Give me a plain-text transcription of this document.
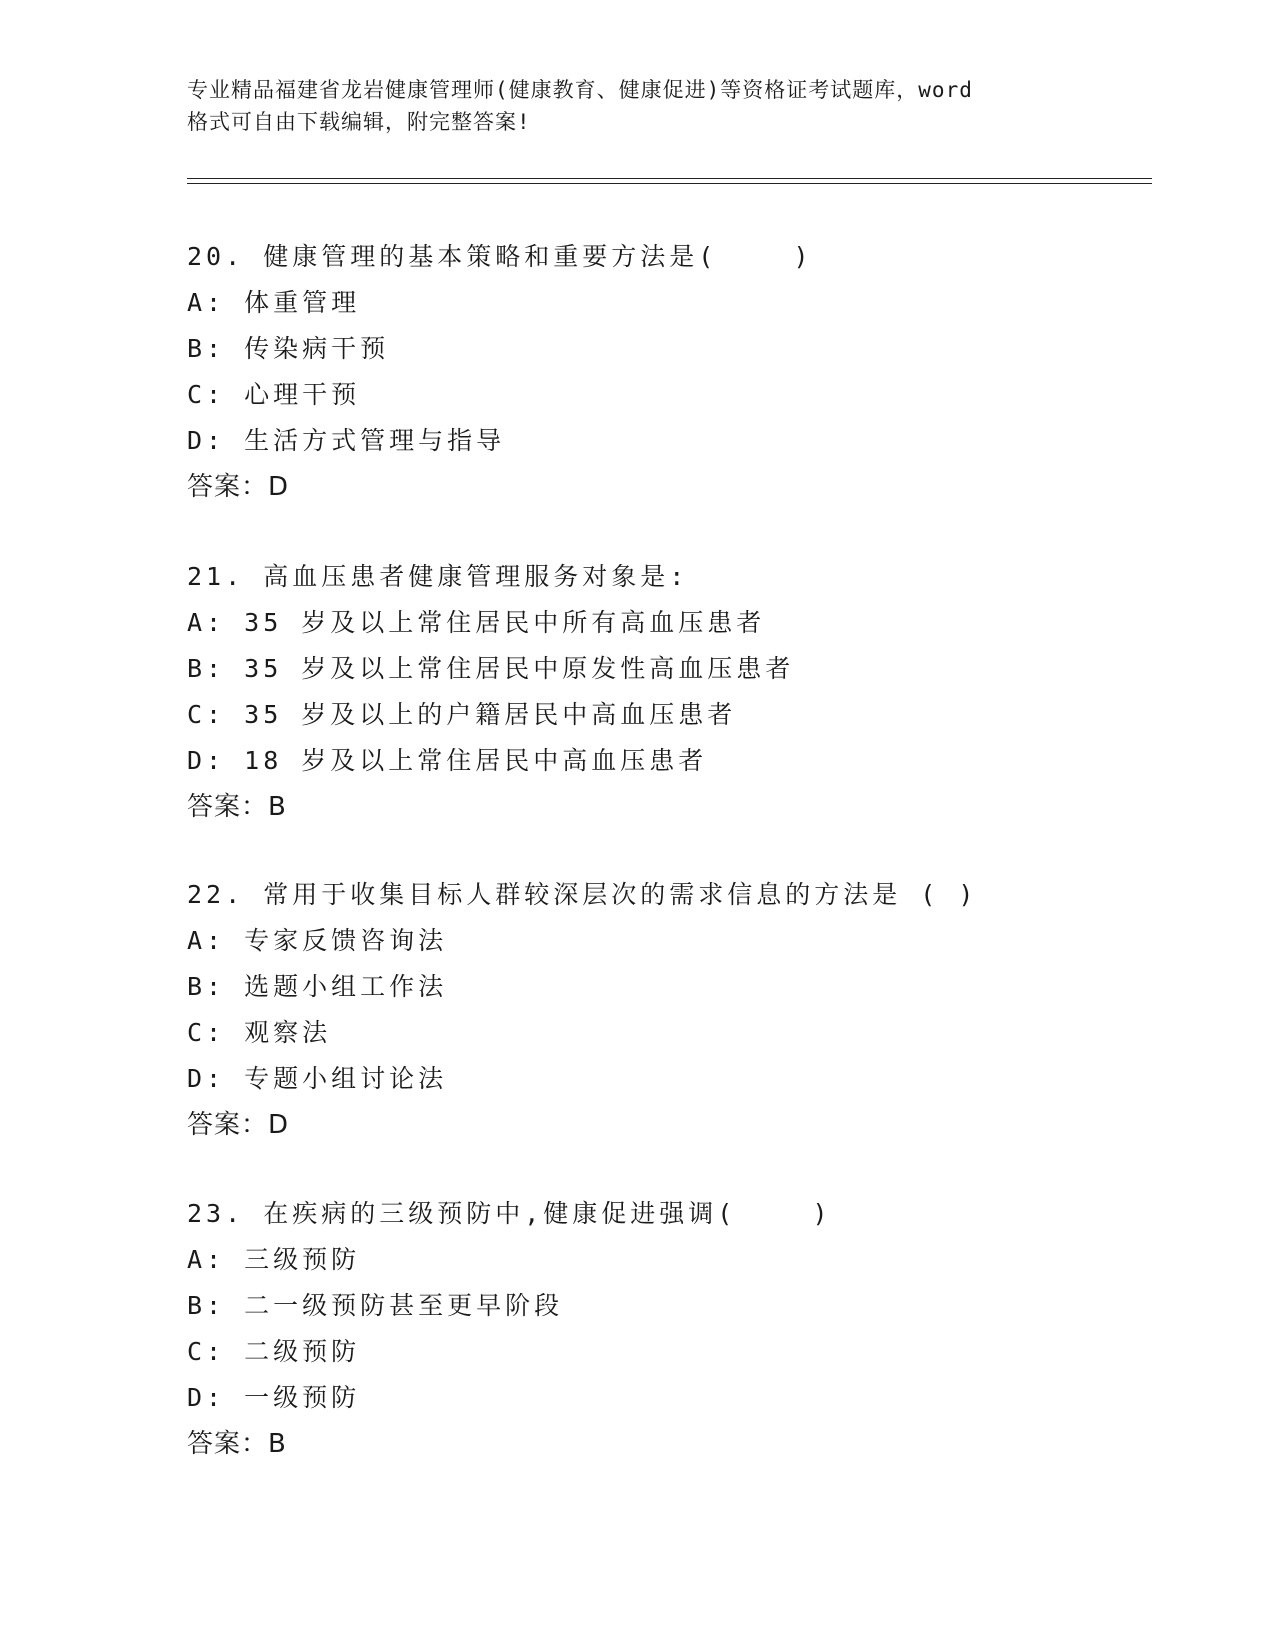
专业精品福建省龙岩健康管理师(健康教育、健康促进)等资格证考试题库，word
格式可自由下载编辑，附完整答案!
20. 健康管理的基本策略和重要方法是(    )
A: 体重管理
B: 传染病干预
C: 心理干预
D: 生活方式管理与指导
答案：D
21. 高血压患者健康管理服务对象是:
A: 35 岁及以上常住居民中所有高血压患者
B: 35 岁及以上常住居民中原发性高血压患者
C: 35 岁及以上的户籍居民中高血压患者
D: 18 岁及以上常住居民中高血压患者
答案：B
22. 常用于收集目标人群较深层次的需求信息的方法是 ( )
A: 专家反馈咨询法
B: 选题小组工作法
C: 观察法
D: 专题小组讨论法
答案：D
23. 在疾病的三级预防中,健康促进强调(    )
A: 三级预防
B: 二一级预防甚至更早阶段
C: 二级预防
D: 一级预防
答案：B
